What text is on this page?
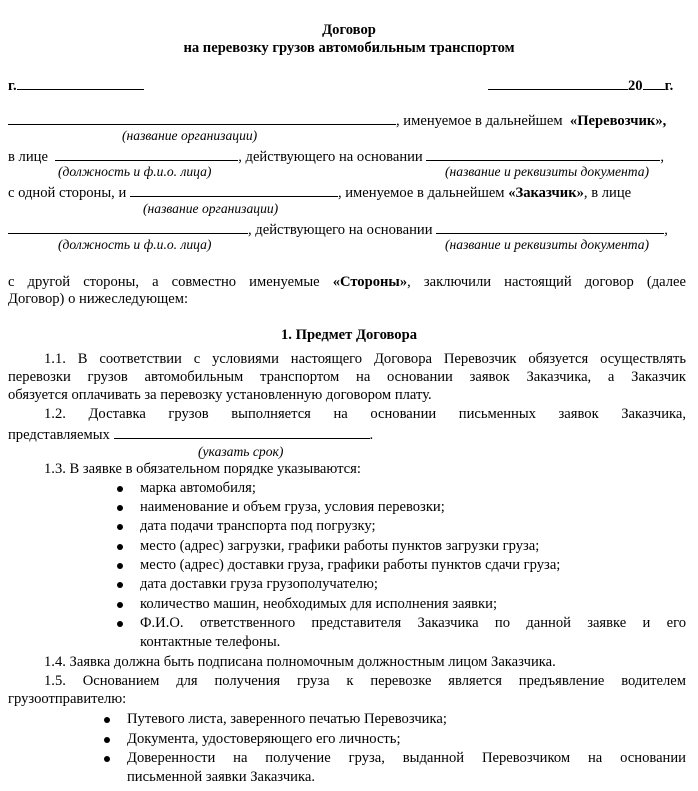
Договор
на перевозку грузов автомобильным транспортом
г.	20 г.
, именуемое в дальнейшем «Перевозчик»,
(название организации)
в лице	, действующего на основании	,
(должность и ф.и.о. лица)	(название и реквизиты документа)
с одной стороны, и	, именуемое в дальнейшем «Заказчик», в лице
(название организации)
, действующего на основании	,
(должность и ф.и.о. лица)	(название и реквизиты документа)
с другой стороны, а совместно именуемые «Стороны», заключили настоящий договор (далее
Договор) о нижеследующем:
1. Предмет Договора
1.1. В соответствии с условиями настоящего Договора Перевозчик обязуется осуществлять
перевозки грузов автомобильным транспортом на основании заявок Заказчика, а Заказчик
обязуется оплачивать за перевозку установленную договором плату.
1.2. Доставка грузов выполняется на основании письменных заявок Заказчика,
представляемых	.
(указать срок)
1.3. В заявке в обязательном порядке указываются:
марка автомобиля;
наименование и объем груза, условия перевозки;
дата подачи транспорта под погрузку;
место (адрес) загрузки, графики работы пунктов загрузки груза;
место (адрес) доставки груза, графики работы пунктов сдачи груза;
дата доставки груза грузополучателю;
количество машин, необходимых для исполнения заявки;
Ф.И.О. ответственного представителя Заказчика по данной заявке и его
контактные телефоны.
1.4. Заявка должна быть подписана полномочным должностным лицом Заказчика.
1.5. Основанием для получения груза к перевозке является предъявление водителем
грузоотправителю:
Путевого листа, заверенного печатью Перевозчика;
Документа, удостоверяющего его личность;
Доверенности на получение груза, выданной Перевозчиком на основании
письменной заявки Заказчика.
